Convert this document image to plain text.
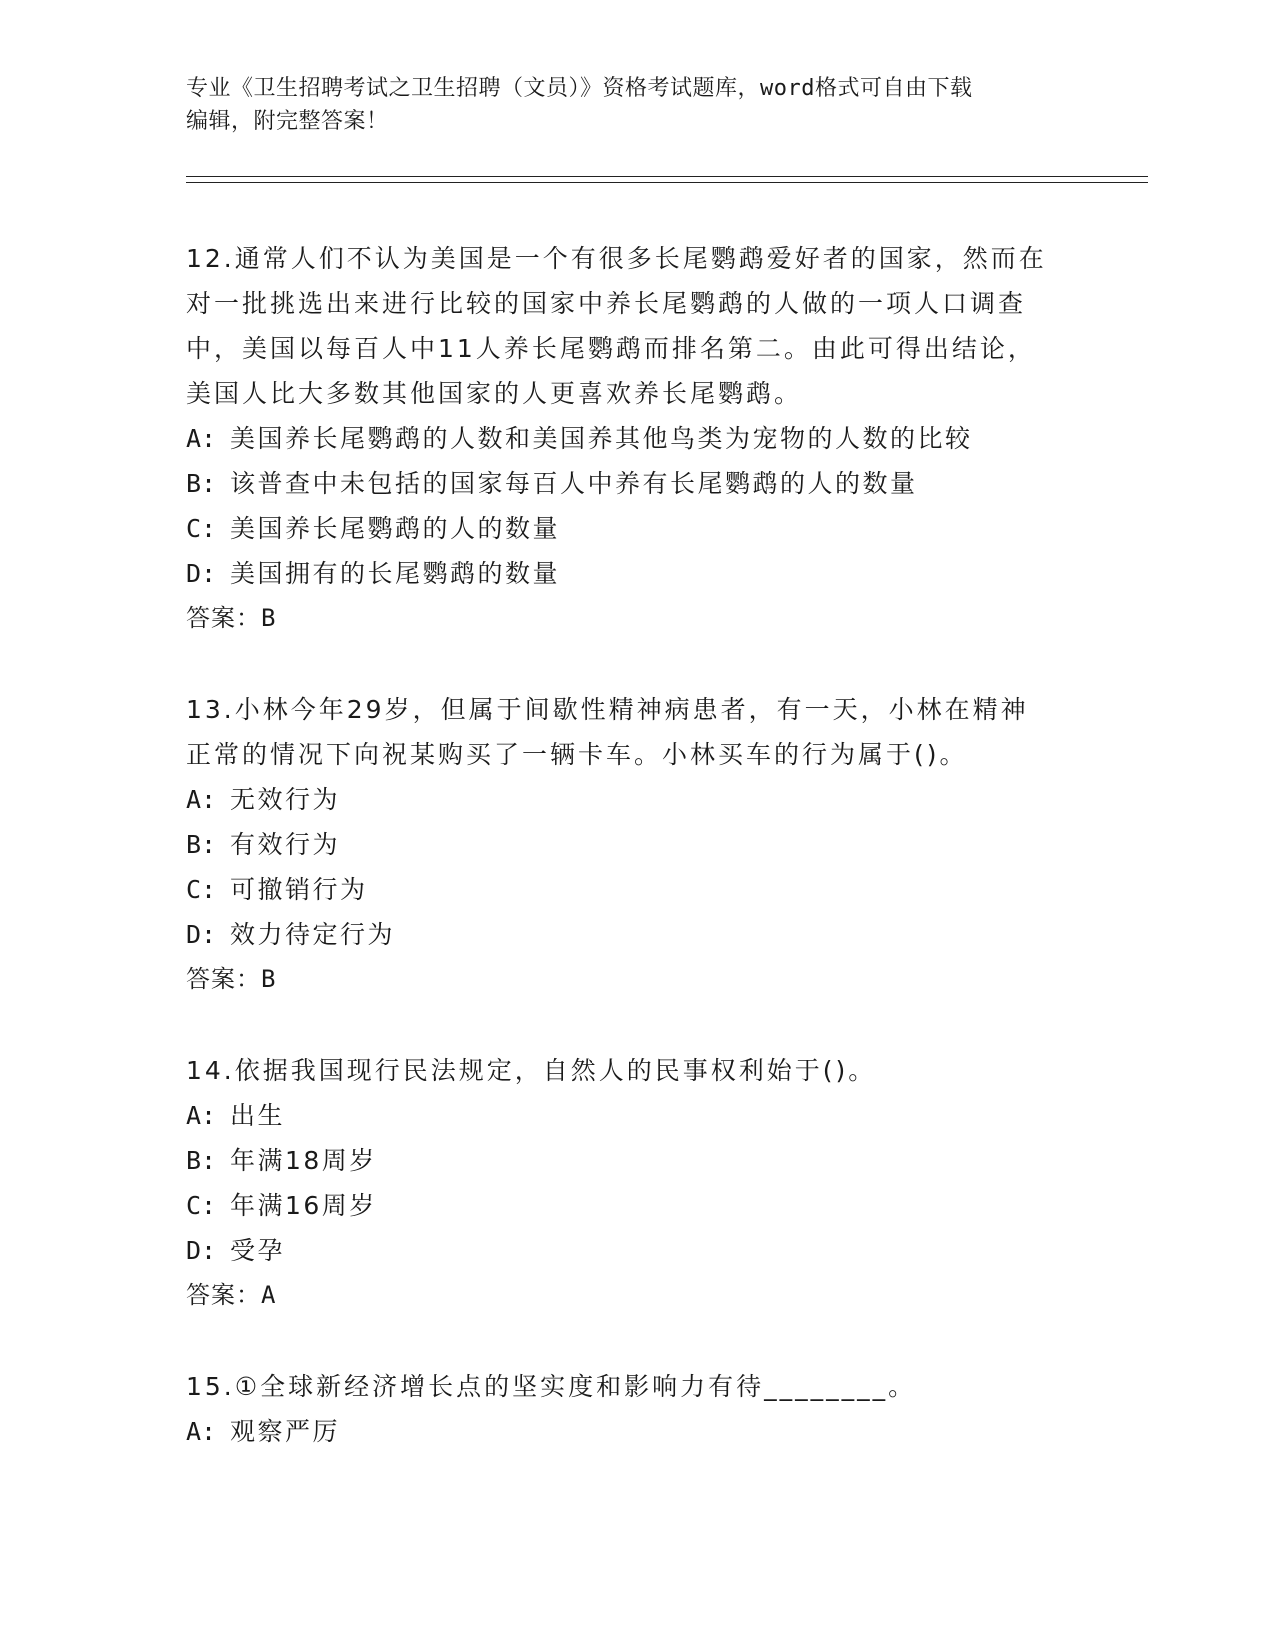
专业《卫生招聘考试之卫生招聘（文员）》资格考试题库，word格式可自由下载
编辑，附完整答案！

12.通常人们不认为美国是一个有很多长尾鹦鹉爱好者的国家，然而在

对一批挑选出来进行比较的国家中养长尾鹦鹉的人做的一项人口调查

中，美国以每百人中11人养长尾鹦鹉而排名第二。由此可得出结论，

美国人比大多数其他国家的人更喜欢养长尾鹦鹉。

A: 美国养长尾鹦鹉的人数和美国养其他鸟类为宠物的人数的比较
B: 该普查中未包括的国家每百人中养有长尾鹦鹉的人的数量
C: 美国养长尾鹦鹉的人的数量
D: 美国拥有的长尾鹦鹉的数量

答案：B

13.小林今年29岁，但属于间歇性精神病患者，有一天，小林在精神

正常的情况下向祝某购买了一辆卡车。小林买车的行为属于()。

A: 无效行为
B: 有效行为
C: 可撤销行为
D: 效力待定行为

答案：B

14.依据我国现行民法规定，自然人的民事权利始于()。

A: 出生
B: 年满18周岁
C: 年满16周岁
D: 受孕

答案：A

15.①全球新经济增长点的坚实度和影响力有待________。

A: 观察严厉
